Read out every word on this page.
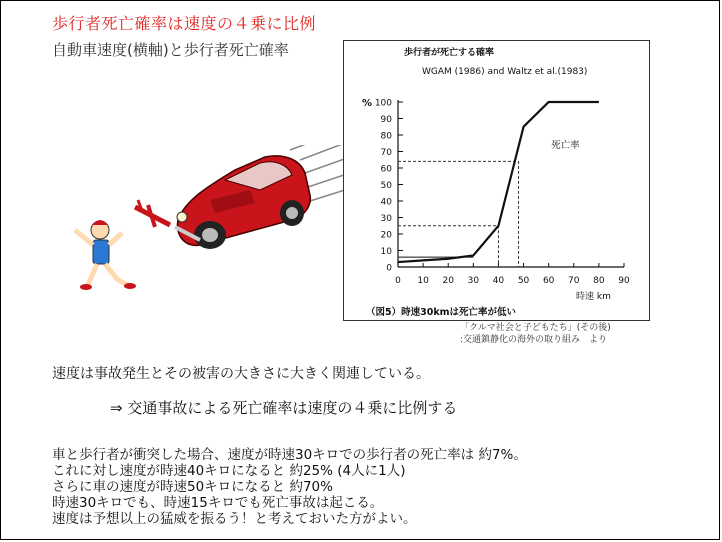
歩行者死亡確率は速度の４乗に比例
自動車速度(横軸)と歩行者死亡確率	歩行者が死亡する確率
WGAM (1986) and Waltz et al.(1983)
%
0
10
20
30
40
50
60
70
80
90
100
0 10 20 30 40 50 60 70 80 90
死亡率
時速 km
（図5）時速30kmは死亡率が低い
「クルマ社会と子どもたち」(その後)
:交通鎮静化の海外の取り組み　より
速度は事故発生とその被害の大きさに大きく関連している。
⇒ 交通事故による死亡確率は速度の４乗に比例する
車と歩行者が衝突した場合、速度が時速30キロでの歩行者の死亡率は 約7%。
これに対し速度が時速40キロになると 約25% (4人に1人)
さらに車の速度が時速50キロになると 約70%
時速30キロでも、時速15キロでも死亡事故は起こる。
速度は予想以上の猛威を振るう！と考えておいた方がよい。
